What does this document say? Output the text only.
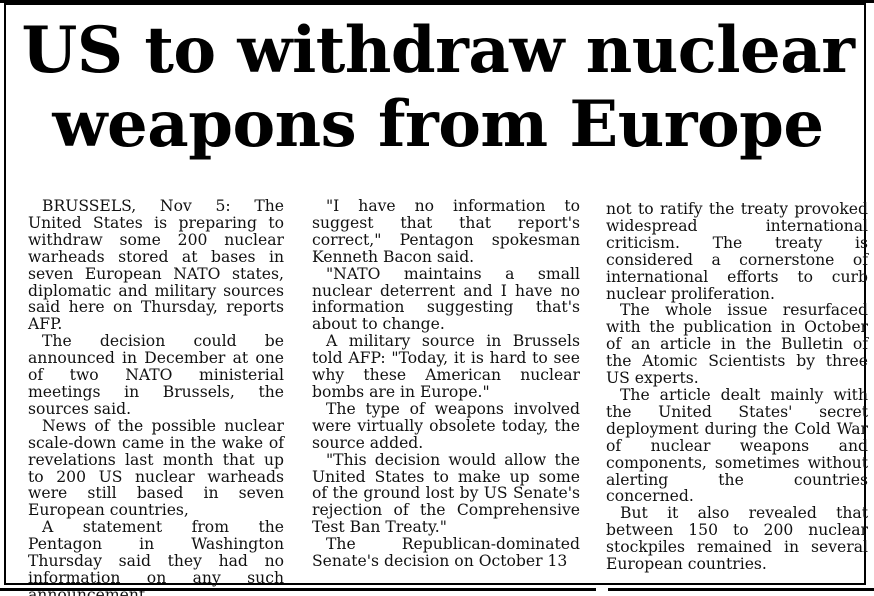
US to withdraw nuclear
weapons from Europe

BRUSSELS, Nov 5: The United States is preparing to withdraw some 200 nuclear warheads stored at bases in seven European NATO states, diplomatic and military sources said here on Thursday, reports AFP.

The decision could be announced in December at one of two NATO ministerial meetings in Brussels, the sources said.

News of the possible nuclear scale-down came in the wake of revelations last month that up to 200 US nuclear warheads were still based in seven European countries,

A statement from the Pentagon in Washington Thursday said they had no information on any such

"I have no information to suggest that that report's correct," Pentagon spokesman Kenneth Bacon said.

"NATO maintains a small nuclear deterrent and I have no information suggesting that's about to change.

A military source in Brussels told AFP: "Today, it is hard to see why these American nuclear bombs are in Europe."

The type of weapons involved were virtually obsolete today, the source added.

"This decision would allow the United States to make up some of the ground lost by US Senate's rejection of the Comprehensive Test Ban Treaty."

The Republican-dominated Senate's decision on October 13

not to ratify the treaty provoked widespread international criticism. The treaty is considered a cornerstone of international efforts to curb nuclear proliferation.

The whole issue resurfaced with the publication in October of an article in the Bulletin of the Atomic Scientists by three US experts.

The article dealt mainly with the United States' secret deployment during the Cold War of nuclear weapons and components, sometimes without alerting the countries concerned.

But it also revealed that between 150 to 200 nuclear stockpiles remained in several European countries.
